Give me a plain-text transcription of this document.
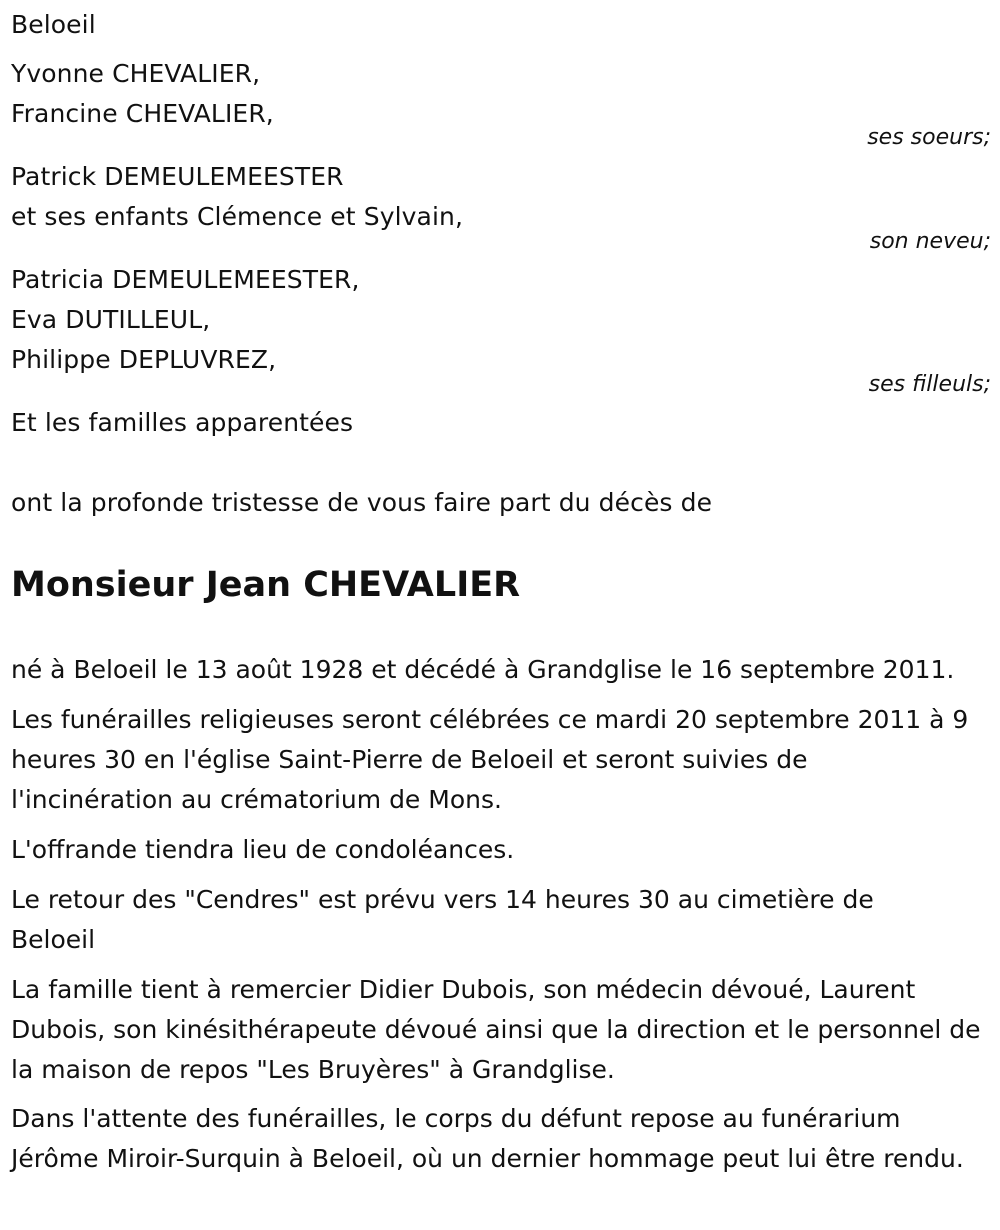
Beloeil
Yvonne CHEVALIER,
Francine CHEVALIER,
ses soeurs;
Patrick DEMEULEMEESTER
et ses enfants Clémence et Sylvain,
son neveu;
Patricia DEMEULEMEESTER,
Eva DUTILLEUL,
Philippe DEPLUVREZ,
ses filleuls;
Et les familles apparentées
ont la profonde tristesse de vous faire part du décès de
Monsieur Jean CHEVALIER
né à Beloeil le 13 août 1928 et décédé à Grandglise le 16 septembre 2011.
Les funérailles religieuses seront célébrées ce mardi 20 septembre 2011 à 9 heures 30 en l'église Saint-Pierre de Beloeil et seront suivies de l'incinération au crématorium de Mons.
L'offrande tiendra lieu de condoléances.
Le retour des "Cendres" est prévu vers 14 heures 30 au cimetière de Beloeil
La famille tient à remercier Didier Dubois, son médecin dévoué, Laurent Dubois, son kinésithérapeute dévoué ainsi que la direction et le personnel de la maison de repos "Les Bruyères" à Grandglise.
Dans l'attente des funérailles, le corps du défunt repose au funérarium Jérôme Miroir-Surquin à Beloeil, où un dernier hommage peut lui être rendu.
